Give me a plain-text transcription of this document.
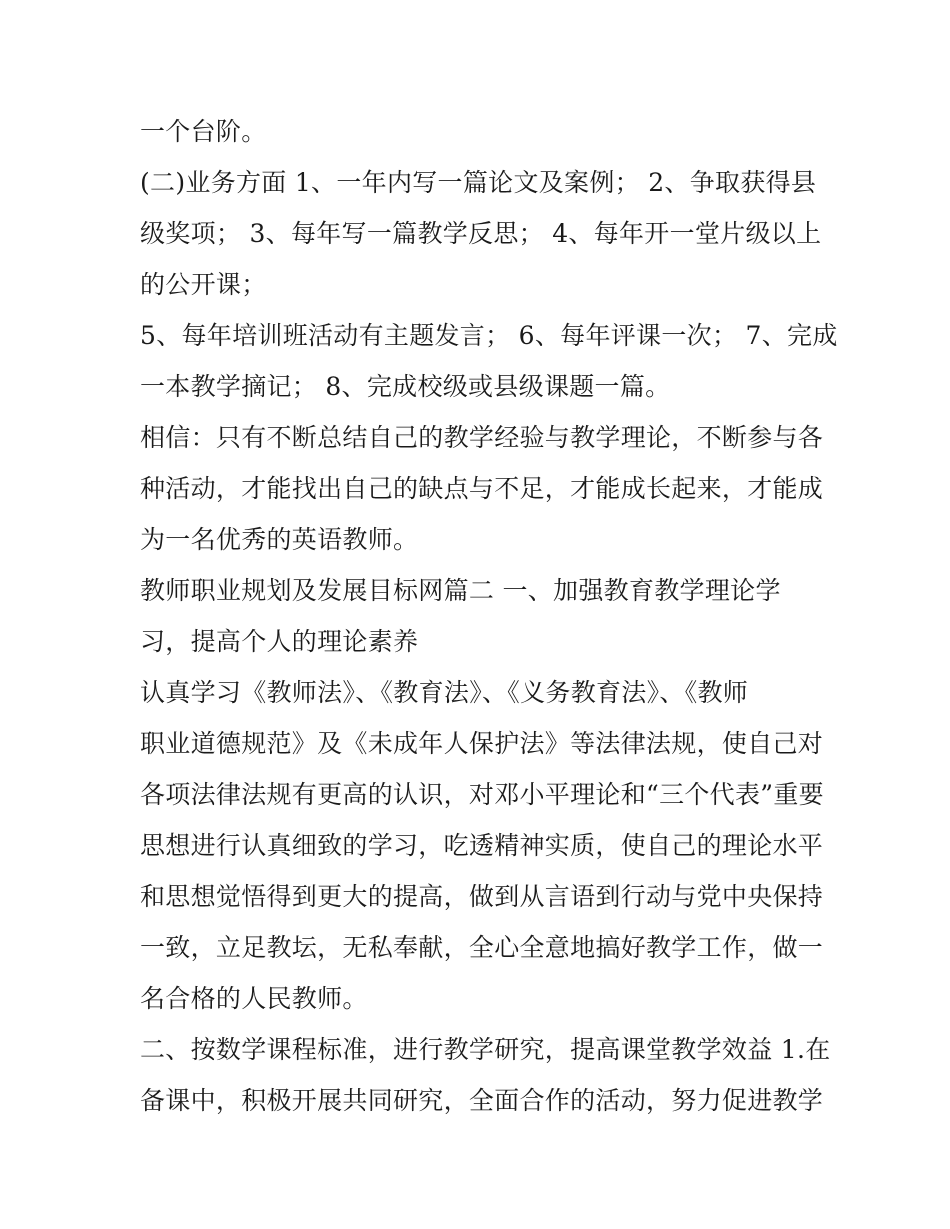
一个台阶。
(二)业务方面 1、一年内写一篇论文及案例； 2、争取获得县
级奖项； 3、每年写一篇教学反思； 4、每年开一堂片级以上
的公开课；
5、每年培训班活动有主题发言； 6、每年评课一次； 7、完成
一本教学摘记； 8、完成校级或县级课题一篇。
相信：只有不断总结自己的教学经验与教学理论，不断参与各
种活动，才能找出自己的缺点与不足，才能成长起来，才能成
为一名优秀的英语教师。
教师职业规划及发展目标网篇二 一、加强教育教学理论学
习，提高个人的理论素养
认真学习《教师法》、《教育法》、《义务教育法》、《教师
职业道德规范》及《未成年人保护法》等法律法规，使自己对
各项法律法规有更高的认识，对邓小平理论和“三个代表”重要
思想进行认真细致的学习，吃透精神实质，使自己的理论水平
和思想觉悟得到更大的提高，做到从言语到行动与党中央保持
一致，立足教坛，无私奉献，全心全意地搞好教学工作，做一
名合格的人民教师。
二、按数学课程标准，进行教学研究，提高课堂教学效益 1.在
备课中，积极开展共同研究，全面合作的活动，努力促进教学
